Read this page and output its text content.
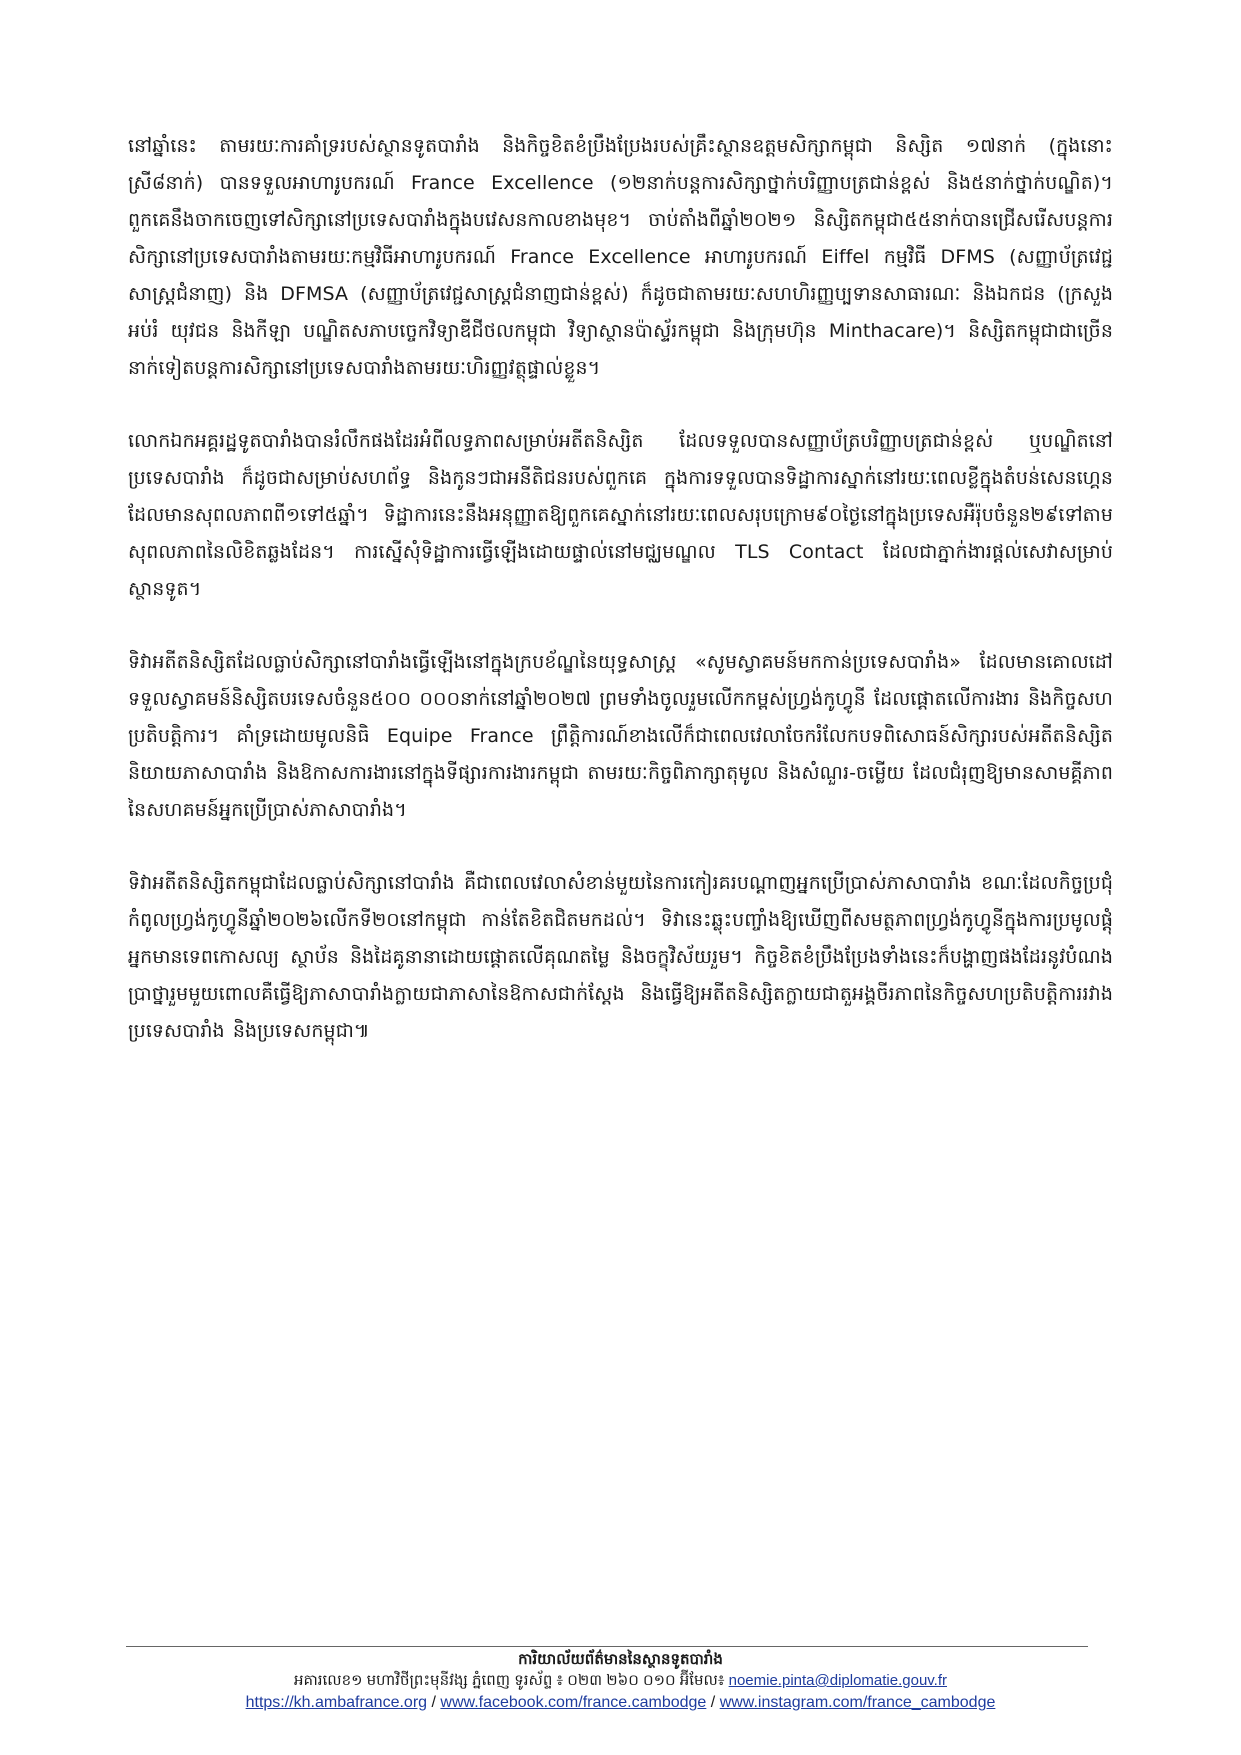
នៅឆ្នាំនេះ តាមរយៈការគាំទ្ររបស់ស្ថានទូតបារាំង និងកិច្ចខិតខំប្រឹងប្រែងរបស់គ្រឹះស្ថានឧត្តមសិក្សាកម្ពុជា និស្សិត ១៧នាក់ (ក្នុងនោះស្រី៨នាក់) បានទទួលអាហារូបករណ៍ France Excellence (១២នាក់បន្តការសិក្សាថ្នាក់បរិញ្ញាបត្រជាន់ខ្ពស់ និង៥នាក់ថ្នាក់បណ្ឌិត)។ ពួកគេនឹងចាកចេញទៅសិក្សានៅប្រទេសបារាំងក្នុងបវេសនកាលខាងមុខ។ ចាប់តាំងពីឆ្នាំ២០២១ និស្សិតកម្ពុជា៥៥នាក់បានជ្រើសរើសបន្តការសិក្សានៅប្រទេសបារាំងតាមរយៈកម្មវិធីអាហារូបករណ៍ France Excellence អាហារូបករណ៍ Eiffel កម្មវិធី DFMS (សញ្ញាប័ត្រវេជ្ជសាស្ត្រជំនាញ) និង DFMSA (សញ្ញាប័ត្រវេជ្ជសាស្ត្រជំនាញជាន់ខ្ពស់) ក៏ដូចជាតាមរយៈសហហិរញ្ញប្បទានសាធារណៈ និងឯកជន (ក្រសួងអប់រំ យុវជន និងកីឡា បណ្ឌិតសភាបច្ចេកវិទ្យាឌីជីថលកម្ពុជា វិទ្យាស្ថានប៉ាស្ទ័រកម្ពុជា និងក្រុមហ៊ុន Minthacare)។ និស្សិតកម្ពុជាជាច្រើននាក់ទៀតបន្តការសិក្សានៅប្រទេសបារាំងតាមរយៈហិរញ្ញវត្ថុផ្ទាល់ខ្លួន។

លោកឯកអគ្គរដ្ឋទូតបារាំងបានរំលឹកផងដែរអំពីលទ្ធភាពសម្រាប់អតីតនិស្សិត ដែលទទួលបានសញ្ញាប័ត្របរិញ្ញាបត្រជាន់ខ្ពស់ ឬបណ្ឌិតនៅប្រទេសបារាំង ក៏ដូចជាសម្រាប់សហព័ទ្ធ និងកូនៗជាអនីតិជនរបស់ពួកគេ ក្នុងការទទួលបានទិដ្ឋាការស្នាក់នៅរយៈពេលខ្លីក្នុងតំបន់សេនហ្គេន ដែលមានសុពលភាពពី១ទៅ៥ឆ្នាំ។ ទិដ្ឋាការនេះនឹងអនុញ្ញាតឱ្យពួកគេស្នាក់នៅរយៈពេលសរុបក្រោម៩០ថ្ងៃនៅក្នុងប្រទេសអឺរ៉ុបចំនួន២៩ទៅតាមសុពលភាពនៃលិខិតឆ្លងដែន។ ការស្នើសុំទិដ្ឋាការធ្វើឡើងដោយផ្ទាល់នៅមជ្ឈមណ្ឌល TLS Contact ដែលជាភ្នាក់ងារផ្តល់សេវាសម្រាប់ស្ថានទូត។

ទិវាអតីតនិស្សិតដែលធ្លាប់សិក្សានៅបារាំងធ្វើឡើងនៅក្នុងក្របខ័ណ្ឌនៃយុទ្ធសាស្ត្រ «សូមស្វាគមន៍មកកាន់ប្រទេសបារាំង» ដែលមានគោលដៅទទួលស្វាគមន៍និស្សិតបរទេសចំនួន៥០០ ០០០នាក់នៅឆ្នាំ២០២៧ ព្រមទាំងចូលរួមលើកកម្ពស់ហ្វ្រង់កូហ្វូនី ដែលផ្តោតលើការងារ និងកិច្ចសហប្រតិបត្តិការ។ គាំទ្រដោយមូលនិធិ Equipe France ព្រឹត្តិការណ៍ខាងលើក៏ជាពេលវេលាចែករំលែកបទពិសោធន៍សិក្សារបស់អតីតនិស្សិតនិយាយភាសាបារាំង និងឱកាសការងារនៅក្នុងទីផ្សារការងារកម្ពុជា តាមរយៈកិច្ចពិភាក្សាតុមូល និងសំណួរ-ចម្លើយ ដែលជំរុញឱ្យមានសាមគ្គីភាពនៃសហគមន៍អ្នកប្រើប្រាស់ភាសាបារាំង។

ទិវាអតីតនិស្សិតកម្ពុជាដែលធ្លាប់សិក្សានៅបារាំង គឺជាពេលវេលាសំខាន់មួយនៃការកៀរគរបណ្តាញអ្នកប្រើប្រាស់ភាសាបារាំង ខណៈដែលកិច្ចប្រជុំកំពូលហ្វ្រង់កូហ្វូនីឆ្នាំ២០២៦លើកទី២០នៅកម្ពុជា កាន់តែខិតជិតមកដល់។ ទិវានេះឆ្លុះបញ្ចាំងឱ្យឃើញពីសមត្ថភាពហ្វ្រង់កូហ្វូនីក្នុងការប្រមូលផ្តុំអ្នកមានទេពកោសល្យ ស្ថាប័ន និងដៃគូនានាដោយផ្តោតលើគុណតម្លៃ និងចក្ខុវិស័យរួម។ កិច្ចខិតខំប្រឹងប្រែងទាំងនេះក៏បង្ហាញផងដែរនូវបំណងប្រាថ្នារួមមួយពោលគឺធ្វើឱ្យភាសាបារាំងក្លាយជាភាសានៃឱកាសជាក់ស្តែង និងធ្វើឱ្យអតីតនិស្សិតក្លាយជាតួអង្គចីរភាពនៃកិច្ចសហប្រតិបត្តិការរវាងប្រទេសបារាំង និងប្រទេសកម្ពុជា៕

ការិយាល័យព័ត៌មាននៃស្ថានទូតបារាំង
អគារលេខ១ មហាវិថីព្រះមុនីវង្ស ភ្នំពេញ ទូរស័ព្ទ ៖ ០២៣ ២៦០ ០១០ អ៊ីមែល៖ noemie.pinta@diplomatie.gouv.fr
https://kh.ambafrance.org / www.facebook.com/france.cambodge / www.instagram.com/france_cambodge
